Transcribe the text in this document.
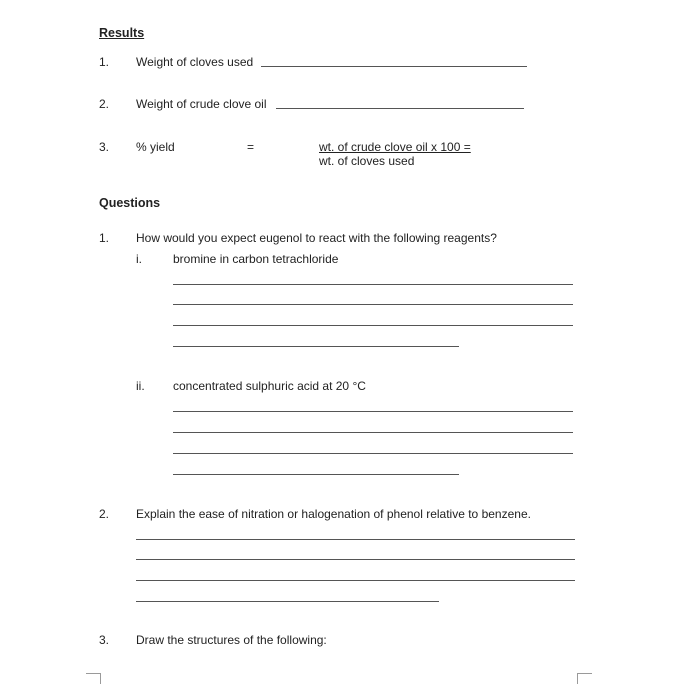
Results
1. Weight of cloves used
2. Weight of crude clove oil
3. % yield	=	wt. of crude clove oil x 100 =
wt. of cloves used
Questions
1. How would you expect eugenol to react with the following reagents?
i.	bromine in carbon tetrachloride
ii. concentrated sulphuric acid at 20 °C
2. Explain the ease of nitration or halogenation of phenol relative to benzene.
3. Draw the structures of the following:
